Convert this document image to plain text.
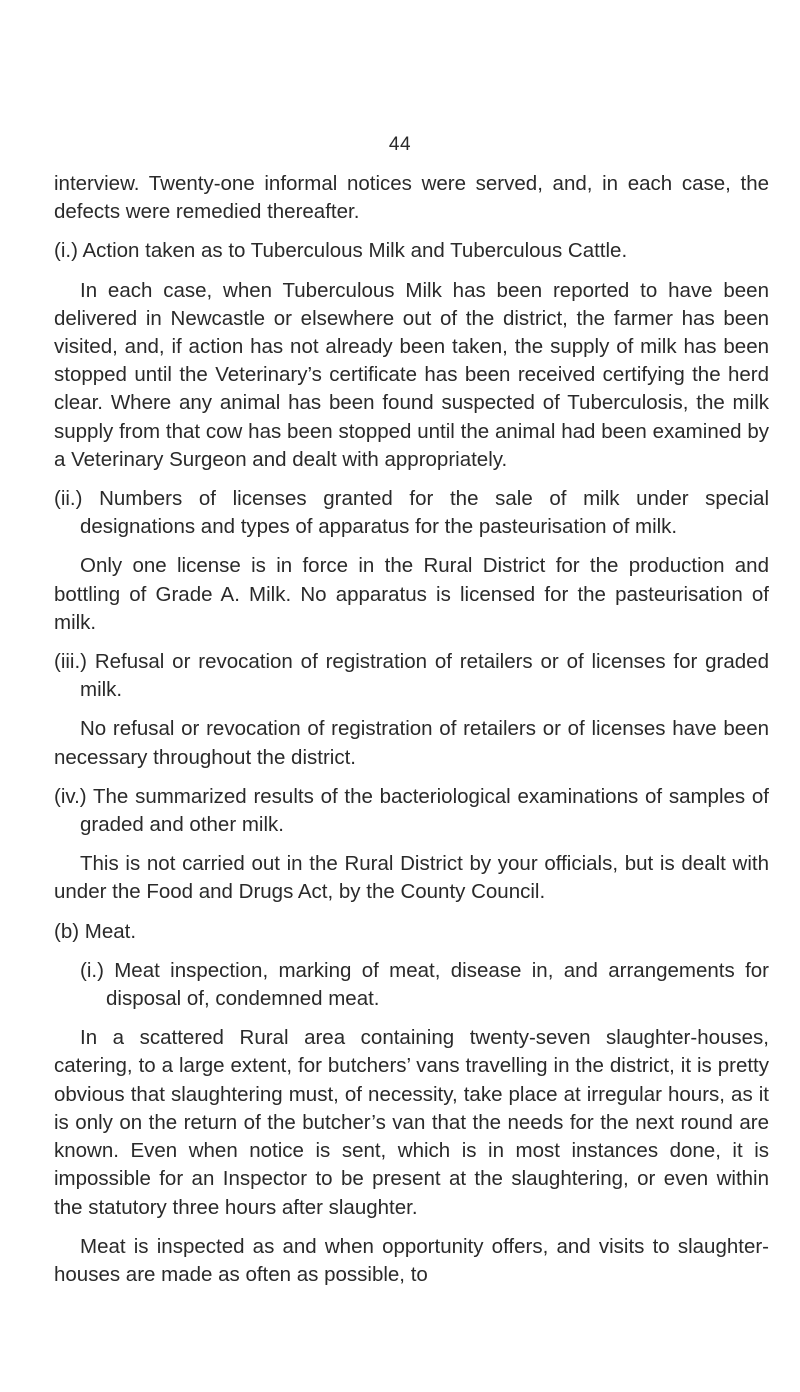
44

interview. Twenty-one informal notices were served, and, in each case, the defects were remedied thereafter.

(i.) Action taken as to Tuberculous Milk and Tuberculous Cattle.

In each case, when Tuberculous Milk has been reported to have been delivered in Newcastle or elsewhere out of the district, the farmer has been visited, and, if action has not already been taken, the supply of milk has been stopped until the Veterinary’s certificate has been received certifying the herd clear. Where any animal has been found suspected of Tuberculosis, the milk supply from that cow has been stopped until the animal had been examined by a Veterinary Surgeon and dealt with appropriately.

(ii.) Numbers of licenses granted for the sale of milk under special designations and types of apparatus for the pasteurisation of milk.

Only one license is in force in the Rural District for the production and bottling of Grade A. Milk. No apparatus is licensed for the pasteurisation of milk.

(iii.) Refusal or revocation of registration of retailers or of licenses for graded milk.

No refusal or revocation of registration of retailers or of licenses have been necessary throughout the district.

(iv.) The summarized results of the bacteriological examinations of samples of graded and other milk.

This is not carried out in the Rural District by your officials, but is dealt with under the Food and Drugs Act, by the County Council.

(b) Meat.

(i.) Meat inspection, marking of meat, disease in, and arrangements for disposal of, condemned meat.

In a scattered Rural area containing twenty-seven slaughter-houses, catering, to a large extent, for butchers’ vans travelling in the district, it is pretty obvious that slaughtering must, of necessity, take place at irregular hours, as it is only on the return of the butcher’s van that the needs for the next round are known. Even when notice is sent, which is in most instances done, it is impossible for an Inspector to be present at the slaughtering, or even within the statutory three hours after slaughter.

Meat is inspected as and when opportunity offers, and visits to slaughter-houses are made as often as possible, to
